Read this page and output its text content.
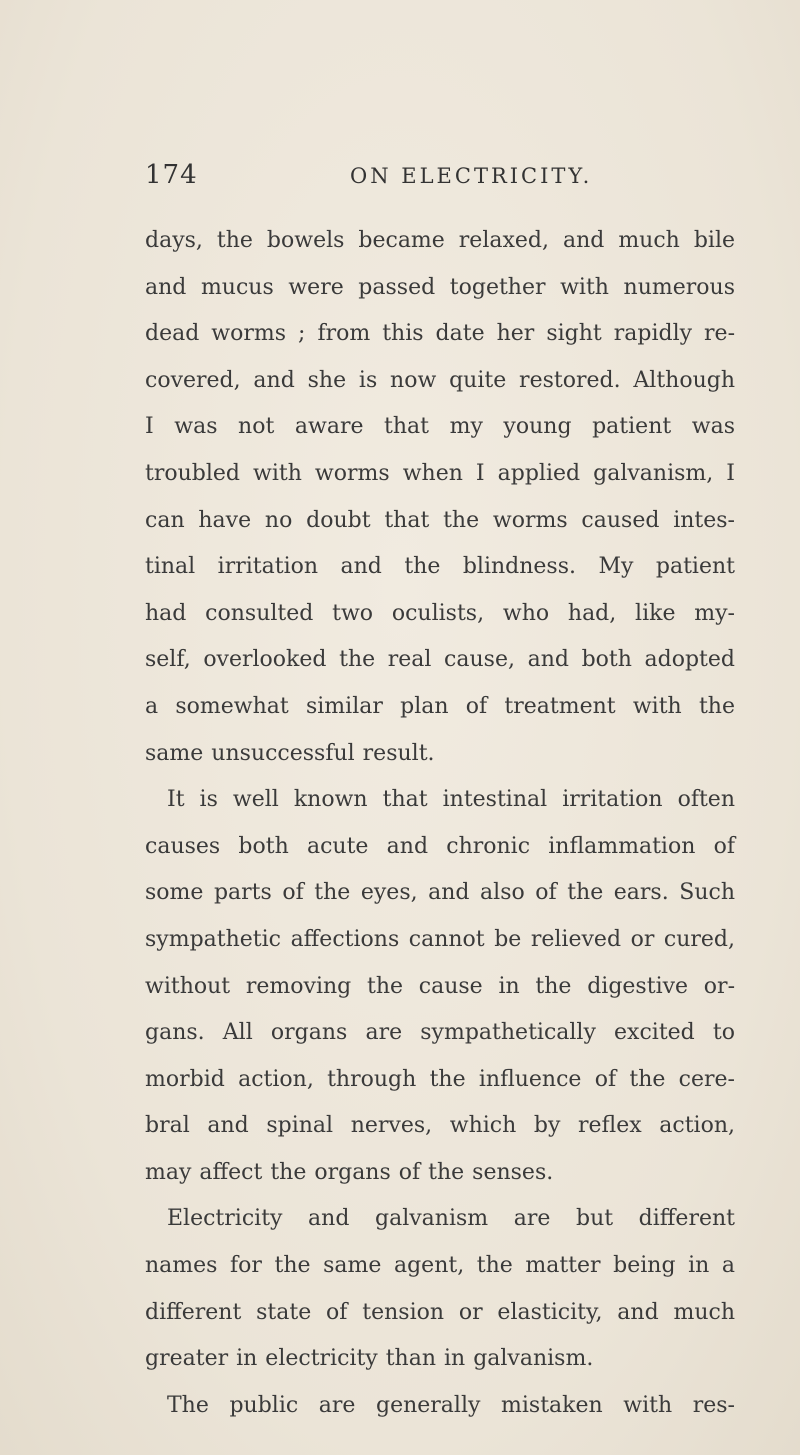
174	ON ELECTRICITY.
days, the bowels became relaxed, and much bile
and mucus were passed together with numerous
dead worms ; from this date her sight rapidly re-
covered, and she is now quite restored. Although
I was not aware that my young patient was
troubled with worms when I applied galvanism, I
can have no doubt that the worms caused intes-
tinal irritation and the blindness. My patient
had consulted two oculists, who had, like my-
self, overlooked the real cause, and both adopted
a somewhat similar plan of treatment with the
same unsuccessful result.
It is well known that intestinal irritation often
causes both acute and chronic inflammation of
some parts of the eyes, and also of the ears. Such
sympathetic affections cannot be relieved or cured,
without removing the cause in the digestive or-
gans. All organs are sympathetically excited to
morbid action, through the influence of the cere-
bral and spinal nerves, which by reflex action,
may affect the organs of the senses.
Electricity and galvanism are but different
names for the same agent, the matter being in a
different state of tension or elasticity, and much
greater in electricity than in galvanism.
The public are generally mistaken with res-
